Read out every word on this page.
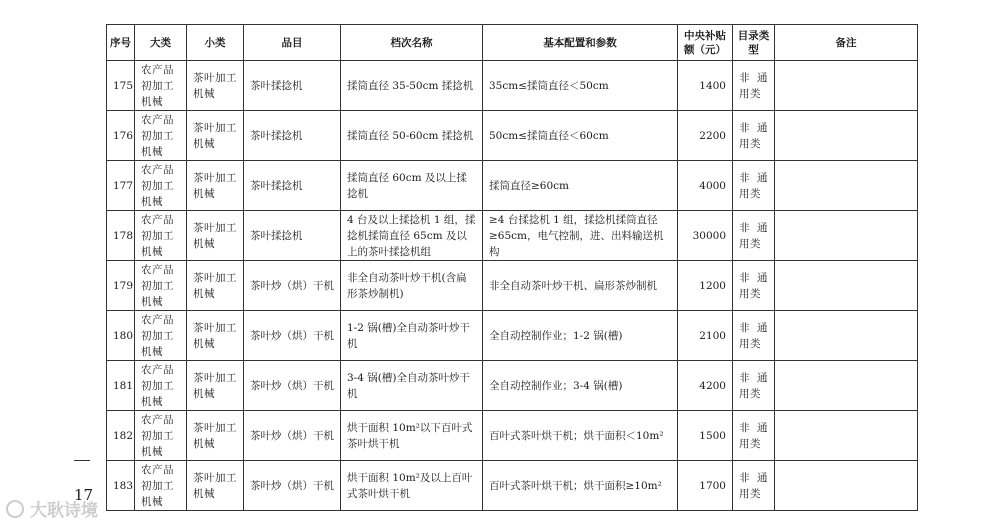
序号	大类	小类	品目	档次名称	基本配置和参数	中央补贴额（元）	目录类型	备注
175	农产品初加工机械	茶叶加工机械	茶叶揉捻机	揉筒直径 35-50cm 揉捻机	35cm≤揉筒直径＜50cm	1400	非 通 用类	
176	农产品初加工机械	茶叶加工机械	茶叶揉捻机	揉筒直径 50-60cm 揉捻机	50cm≤揉筒直径＜60cm	2200	非 通 用类	
177	农产品初加工机械	茶叶加工机械	茶叶揉捻机	揉筒直径 60cm 及以上揉捻机	揉筒直径≥60cm	4000	非 通 用类	
178	农产品初加工机械	茶叶加工机械	茶叶揉捻机	4 台及以上揉捻机 1 组，揉捻机揉筒直径 65cm 及以上的茶叶揉捻机组	≥4 台揉捻机 1 组，揉捻机揉筒直径≥65cm，电气控制，进、出料输送机构	30000	非 通 用类	
179	农产品初加工机械	茶叶加工机械	茶叶炒（烘）干机	非全自动茶叶炒干机(含扁形茶炒制机)	非全自动茶叶炒干机、扁形茶炒制机	1200	非 通 用类	
180	农产品初加工机械	茶叶加工机械	茶叶炒（烘）干机	1-2 锅(槽)全自动茶叶炒干机	全自动控制作业；1-2 锅(槽)	2100	非 通 用类	
181	农产品初加工机械	茶叶加工机械	茶叶炒（烘）干机	3-4 锅(槽)全自动茶叶炒干机	全自动控制作业；3-4 锅(槽)	4200	非 通 用类	
182	农产品初加工机械	茶叶加工机械	茶叶炒（烘）干机	烘干面积 10m²以下百叶式茶叶烘干机	百叶式茶叶烘干机；烘干面积＜10m²	1500	非 通 用类	
183	农产品初加工机械	茶叶加工机械	茶叶炒（烘）干机	烘干面积 10m²及以上百叶式茶叶烘干机	百叶式茶叶烘干机；烘干面积≥10m²	1700	非 通 用类	
17
大耿诗境
